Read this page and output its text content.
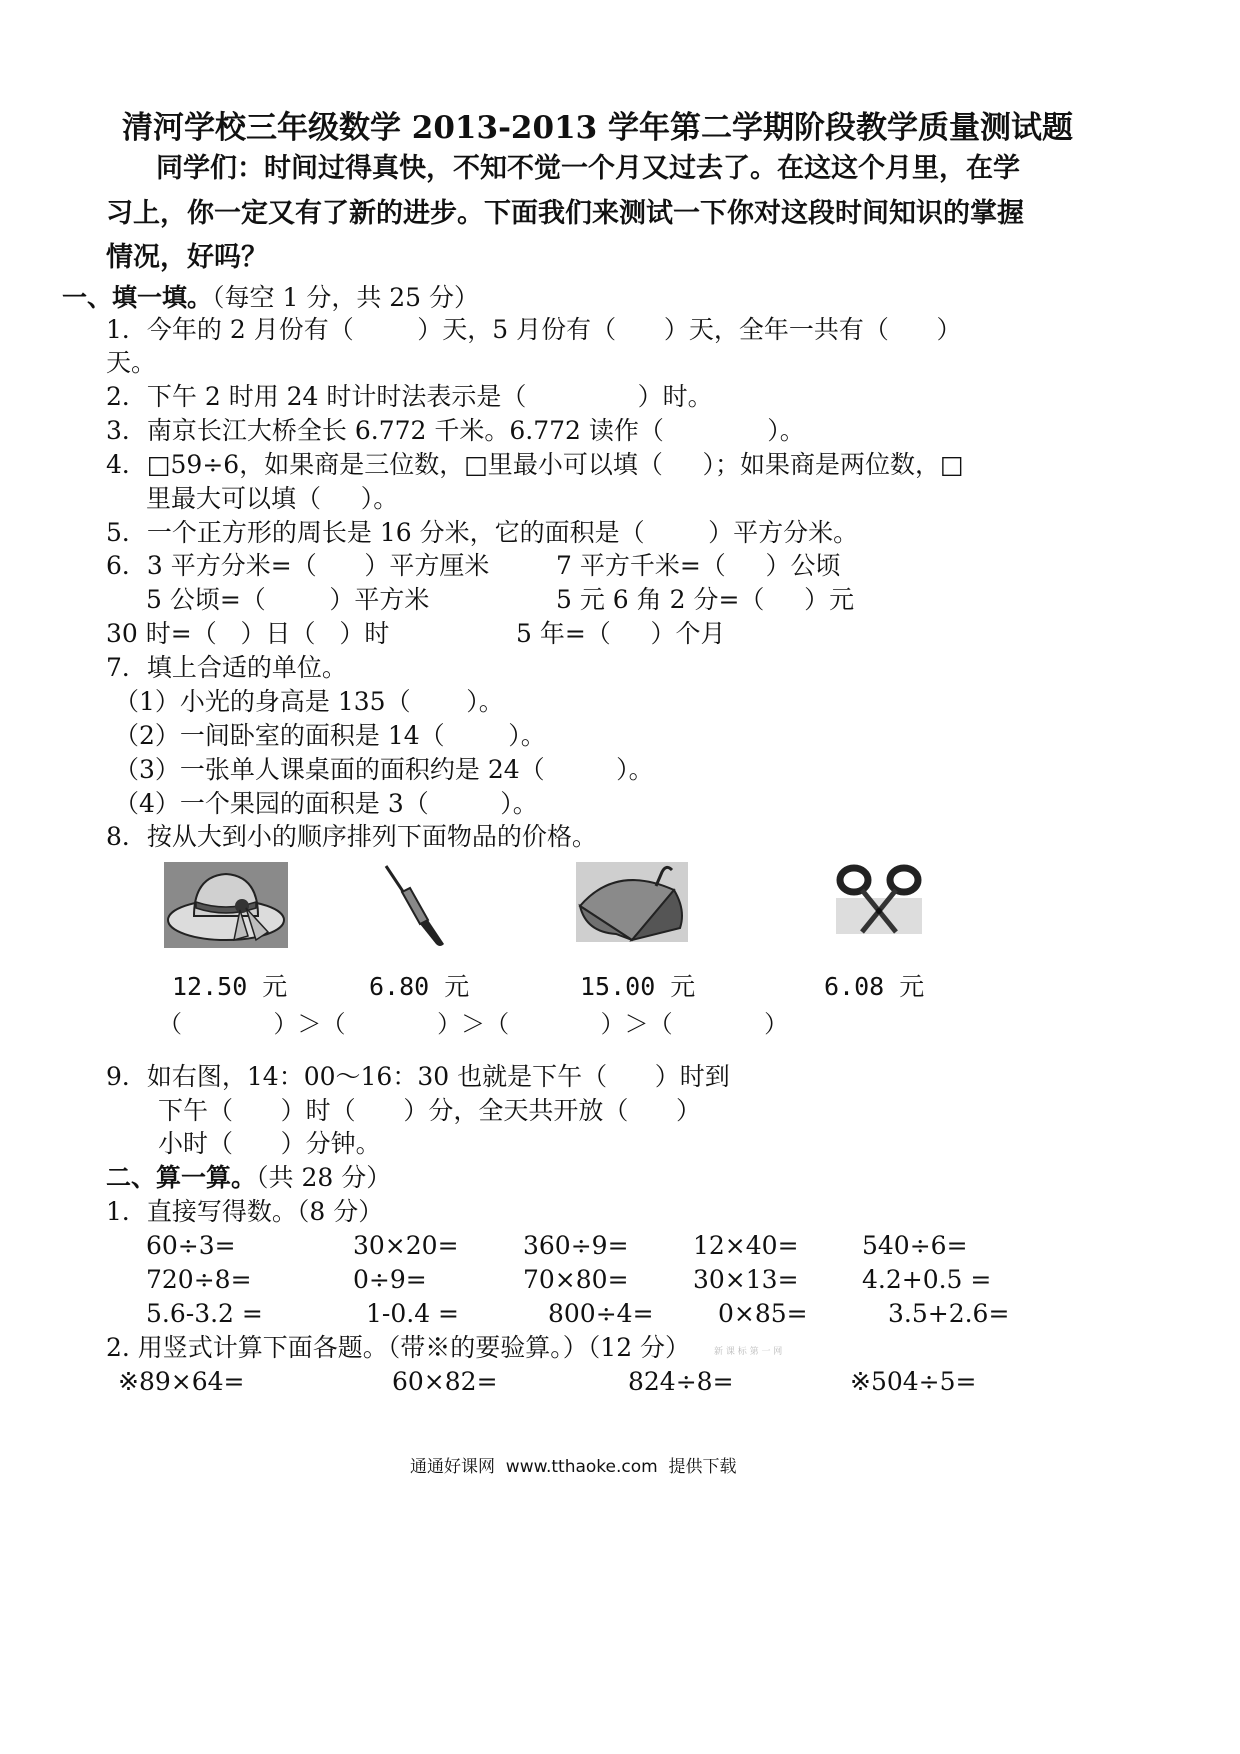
清河学校三年级数学 2013-2013 学年第二学期阶段教学质量测试题
同学们：时间过得真快，不知不觉一个月又过去了。在这这个月里，在学
习上，你一定又有了新的进步。下面我们来测试一下你对这段时间知识的掌握
情况，好吗？
一、填一填。（每空 1 分，共 25 分）
1．今年的 2 月份有（        ）天，5 月份有（      ）天，全年一共有（      ）
天。
2．下午 2 时用 24 时计时法表示是（              ）时。
3．南京长江大桥全长 6.772 千米。6.772 读作（             ）。
4．□59÷6，如果商是三位数，□里最小可以填（     ）；如果商是两位数，□
里最大可以填（     ）。
5．一个正方形的周长是 16 分米，它的面积是（        ）平方分米。
6．3 平方分米=（      ）平方厘米	7 平方千米=（     ）公顷
5 公顷=（        ）平方米	5 元 6 角 2 分=（     ）元
30 时=（   ）日（   ）时	5 年=（     ）个月
7．填上合适的单位。
（1）小光的身高是 135（       ）。
（2）一间卧室的面积是 14（        ）。
（3）一张单人课桌面的面积约是 24（         ）。
（4）一个果园的面积是 3（         ）。
8．按从大到小的顺序排列下面物品的价格。
12.50 元	6.80 元	15.00 元	6.08 元
（            ）＞（            ）＞（            ）＞（            ）
9．如右图，14：00～16：30 也就是下午（      ）时到
下午（      ）时（      ）分，全天共开放（      ）
小时（      ）分钟。
二、算一算。（共 28 分）
1．直接写得数。（8 分）
60÷3=	30×20=	360÷9=	12×40=	540÷6=
720÷8=	0÷9=	70×80=	30×13=	4.2+0.5 =
5.6-3.2 =	1-0.4 =	800÷4=	0×85=	3.5+2.6=
2. 用竖式计算下面各题。（带※的要验算。）（12 分）	新 课 标 第 一 网
※89×64=	60×82=	824÷8=	※504÷5=
通通好课网  www.tthaoke.com  提供下载
